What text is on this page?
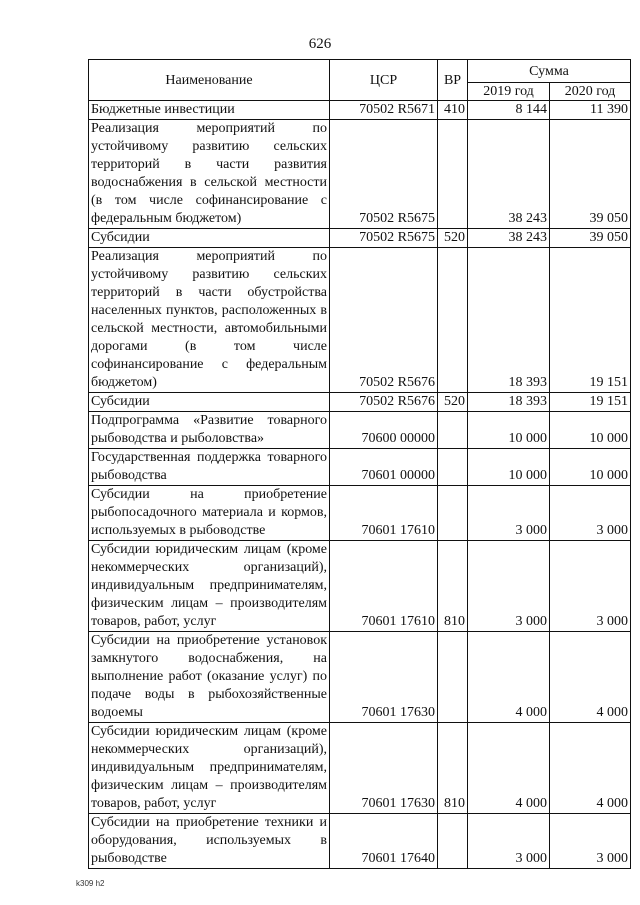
626
Наименование	ЦСР	ВР	Сумма	
			2019 год	2020 год
Бюджетные инвестиции	70502 R5671	410	8 144	11 390
Реализация мероприятий по устойчивому развитию сельских территорий в части развития водоснабжения в сельской местности (в том числе софинансирование с федеральным бюджетом)	70502 R5675		38 243	39 050
Субсидии	70502 R5675	520	38 243	39 050
Реализация мероприятий по устойчивому развитию сельских территорий в части обустройства населенных пунктов, расположенных в сельской местности, автомобильными дорогами (в том числе софинансирование с федеральным бюджетом)	70502 R5676		18 393	19 151
Субсидии	70502 R5676	520	18 393	19 151
Подпрограмма «Развитие товарного рыбоводства и рыболовства»	70600 00000		10 000	10 000
Государственная поддержка товарного рыбоводства	70601 00000		10 000	10 000
Субсидии на приобретение рыбопосадочного материала и кормов, используемых в рыбоводстве	70601 17610		3 000	3 000
Субсидии юридическим лицам (кроме некоммерческих организаций), индивидуальным предпринимателям, физическим лицам – производителям товаров, работ, услуг	70601 17610	810	3 000	3 000
Субсидии на приобретение установок замкнутого водоснабжения, на выполнение работ (оказание услуг) по подаче воды в рыбохозяйственные водоемы	70601 17630		4 000	4 000
Субсидии юридическим лицам (кроме некоммерческих организаций), индивидуальным предпринимателям, физическим лицам – производителям товаров, работ, услуг	70601 17630	810	4 000	4 000
Субсидии на приобретение техники и оборудования, используемых в рыбоводстве	70601 17640		3 000	3 000
k309 h2
